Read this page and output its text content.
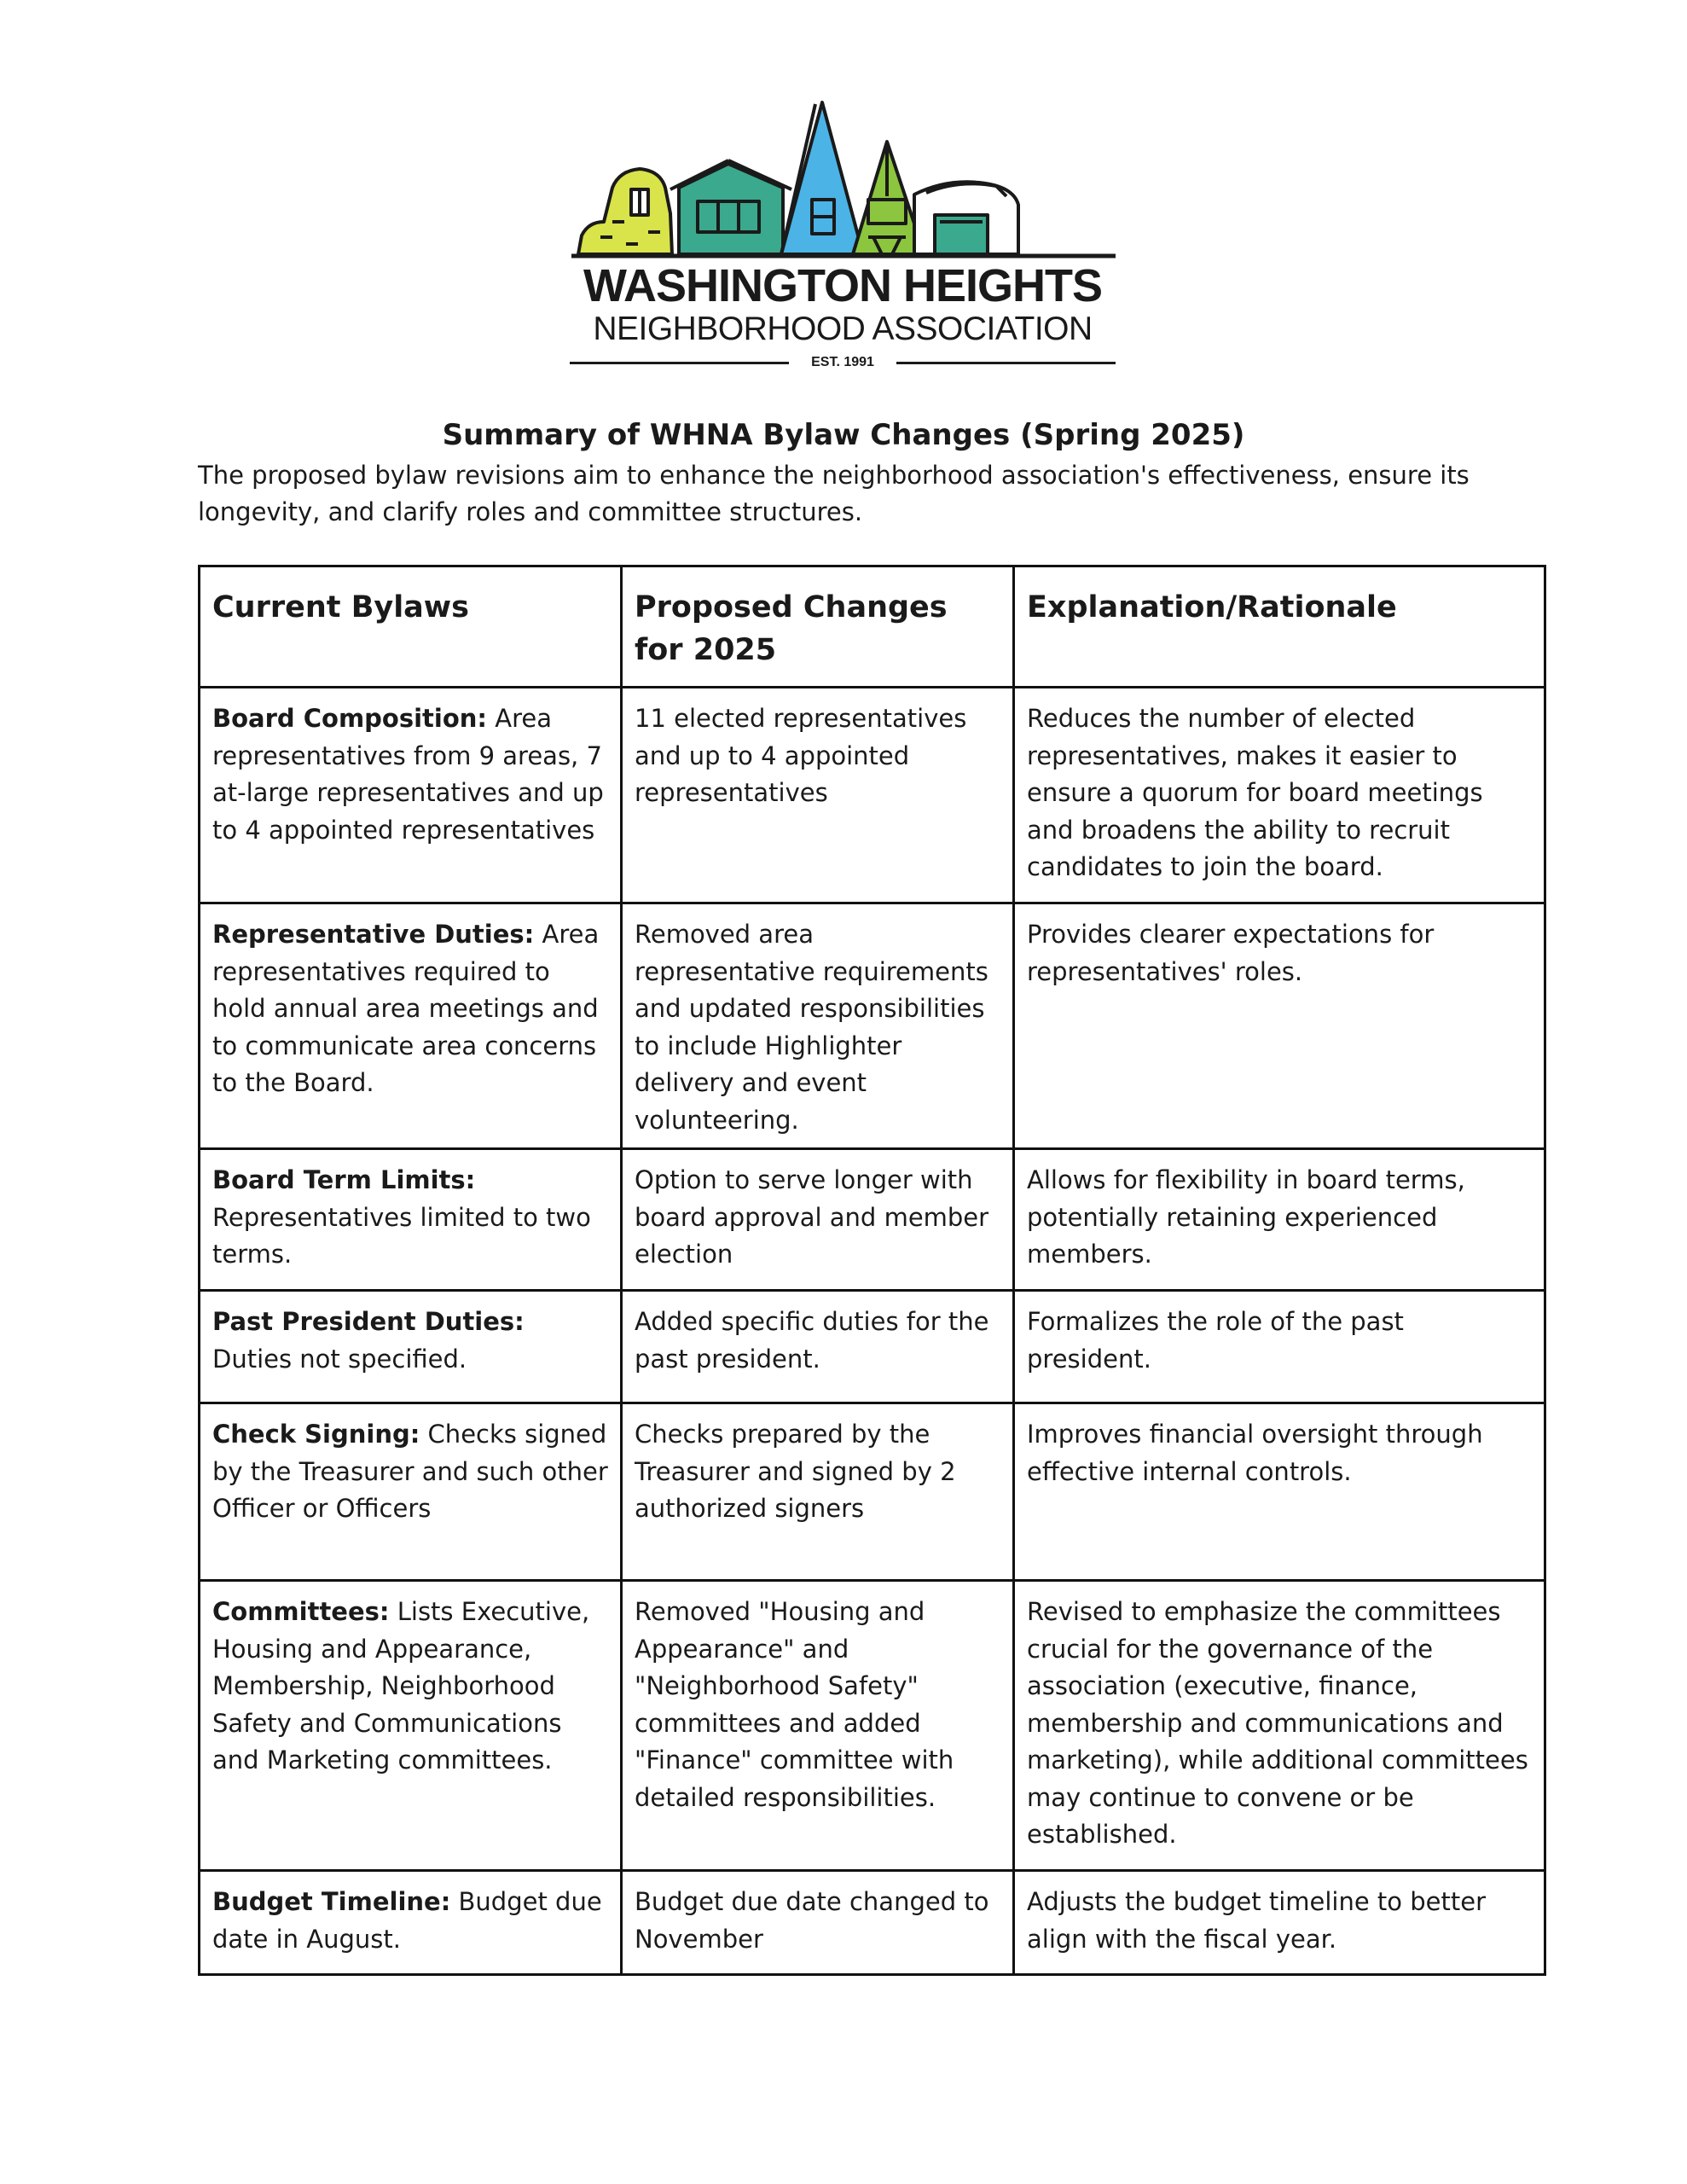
WASHINGTON HEIGHTS
NEIGHBORHOOD ASSOCIATION
EST. 1991
Summary of WHNA Bylaw Changes (Spring 2025)

The proposed bylaw revisions aim to enhance the neighborhood association's effectiveness, ensure its longevity, and clarify roles and committee structures.

Current Bylaws	Proposed Changes for 2025	Explanation/Rationale
Board Composition: Area representatives from 9 areas, 7 at-large representatives and up to 4 appointed representatives	11 elected representatives and up to 4 appointed representatives	Reduces the number of elected representatives, makes it easier to ensure a quorum for board meetings and broadens the ability to recruit candidates to join the board.
Representative Duties: Area representatives required to hold annual area meetings and to communicate area concerns to the Board.	Removed area representative requirements and updated responsibilities to include Highlighter delivery and event volunteering.	Provides clearer expectations for representatives' roles.
Board Term Limits: Representatives limited to two terms.	Option to serve longer with board approval and member election	Allows for flexibility in board terms, potentially retaining experienced members.
Past President Duties: Duties not specified.	Added specific duties for the past president.	Formalizes the role of the past president.
Check Signing: Checks signed by the Treasurer and such other Officer or Officers	Checks prepared by the Treasurer and signed by 2 authorized signers	Improves financial oversight through effective internal controls.
Committees: Lists Executive, Housing and Appearance, Membership, Neighborhood Safety and Communications and Marketing committees.	Removed "Housing and Appearance" and "Neighborhood Safety" committees and added "Finance" committee with detailed responsibilities.	Revised to emphasize the committees crucial for the governance of the association (executive, finance, membership and communications and marketing), while additional committees may continue to convene or be established.
Budget Timeline: Budget due date in August.	Budget due date changed to November	Adjusts the budget timeline to better align with the fiscal year.
